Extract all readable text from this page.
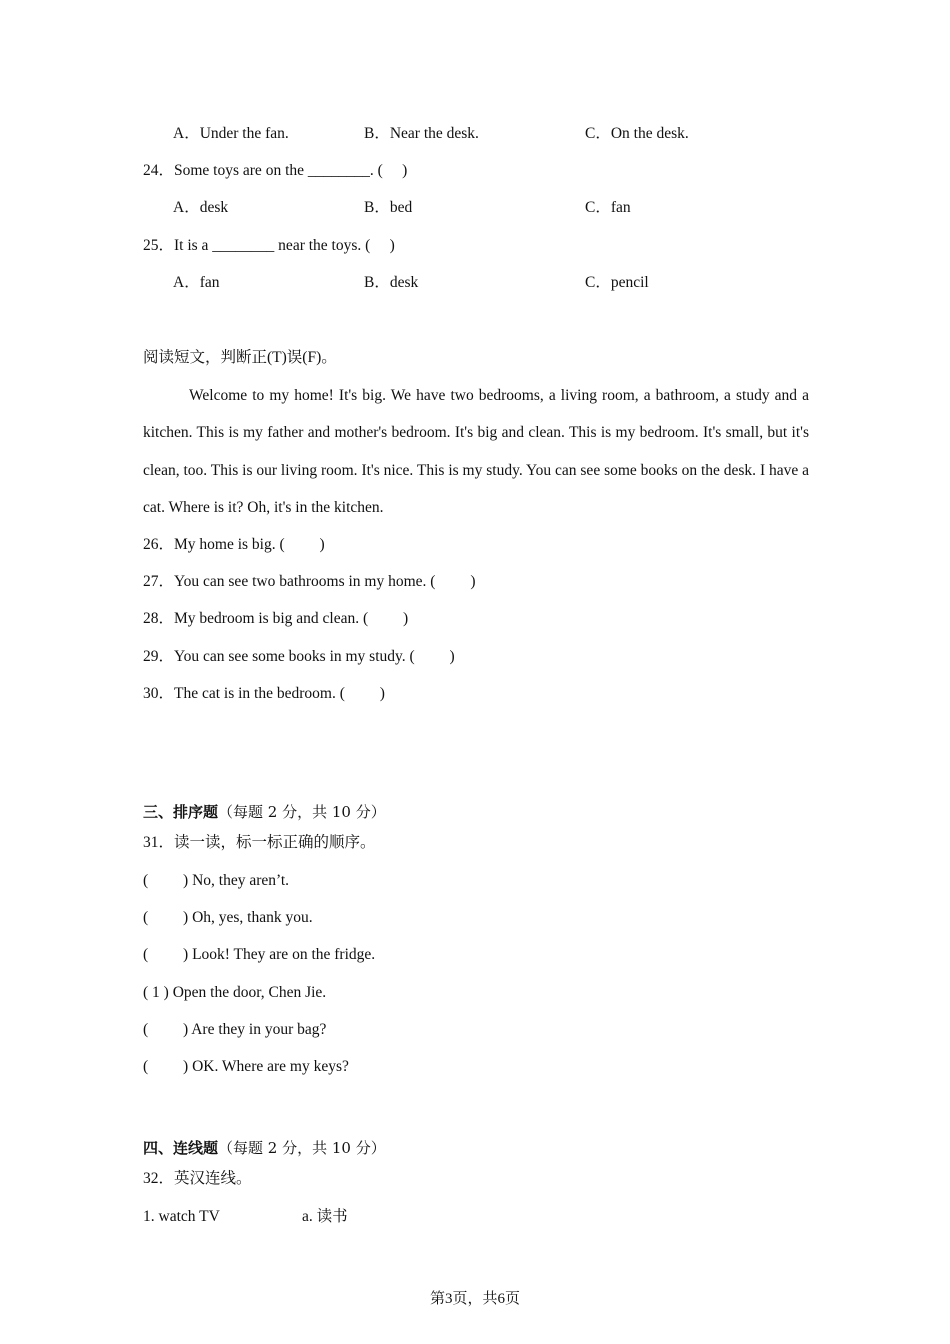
A．Under the fan.	B．Near the desk.	C．On the desk.
24．Some toys are on the ________. (　 )
A．desk	B．bed	C．fan
25．It is a ________ near the toys. (　 )
A．fan	B．desk	C．pencil
阅读短文，判断正(T)误(F)。
Welcome to my home! It's big. We have two bedrooms, a living room, a bathroom, a study and a kitchen. This is my father and mother's bedroom. It's big and clean. This is my bedroom. It's small, but it's clean, too. This is our living room. It's nice. This is my study. You can see some books on the desk. I have a cat. Where is it? Oh, it's in the kitchen.
26．My home is big. (　　 )
27．You can see two bathrooms in my home. (　　 )
28．My bedroom is big and clean. (　　 )
29．You can see some books in my study. (　　 )
30．The cat is in the bedroom. (　　 )
三、排序题（每题 2 分，共 10 分）
31．读一读，标一标正确的顺序。
(　　 ) No, they aren’t.
(　　 ) Oh, yes, thank you.
(　　 ) Look! They are on the fridge.
( 1 ) Open the door, Chen Jie.
(　　 ) Are they in your bag?
(　　 ) OK. Where are my keys?
四、连线题（每题 2 分，共 10 分）
32．英汉连线。
1. watch TV	a. 读书
第3页，共6页
